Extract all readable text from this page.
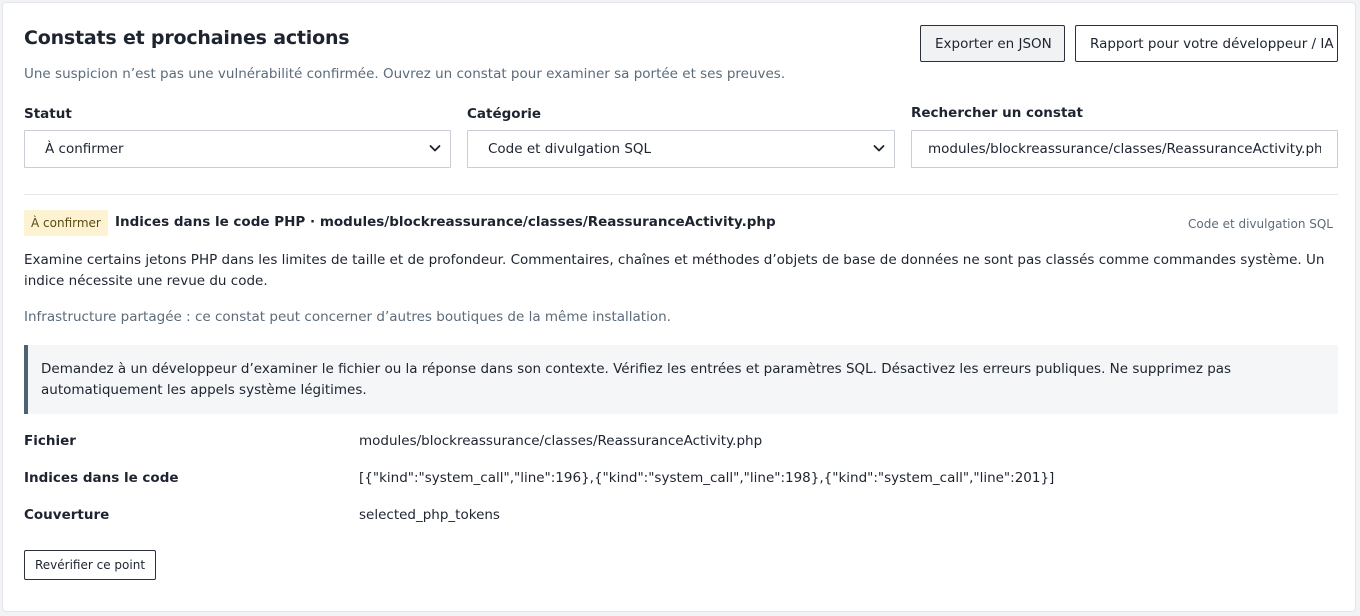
Constats et prochaines actions

Une suspicion n’est pas une vulnérabilité confirmée. Ouvrez un constat pour examiner sa portée et ses preuves.

Exporter en JSON	Rapport pour votre développeur / IA
Statut	Catégorie	Rechercher un constat
À confirmer	Code et divulgation SQL
modules/blockreassurance/classes/ReassuranceActivity.php
À confirmer	Indices dans le code PHP · modules/blockreassurance/classes/ReassuranceActivity.php	Code et divulgation SQL

Examine certains jetons PHP dans les limites de taille et de profondeur. Commentaires, chaînes et méthodes d’objets de base de données ne sont pas classés comme commandes système. Un indice nécessite une revue du code.

Infrastructure partagée : ce constat peut concerner d’autres boutiques de la même installation.

Demandez à un développeur d’examiner le fichier ou la réponse dans son contexte. Vérifiez les entrées et paramètres SQL. Désactivez les erreurs publiques. Ne supprimez pas automatiquement les appels système légitimes.
Fichier	modules/blockreassurance/classes/ReassuranceActivity.php
Indices dans le code	[{"kind":"system_call","line":196},{"kind":"system_call","line":198},{"kind":"system_call","line":201}]
Couverture	selected_php_tokens
Revérifier ce point
